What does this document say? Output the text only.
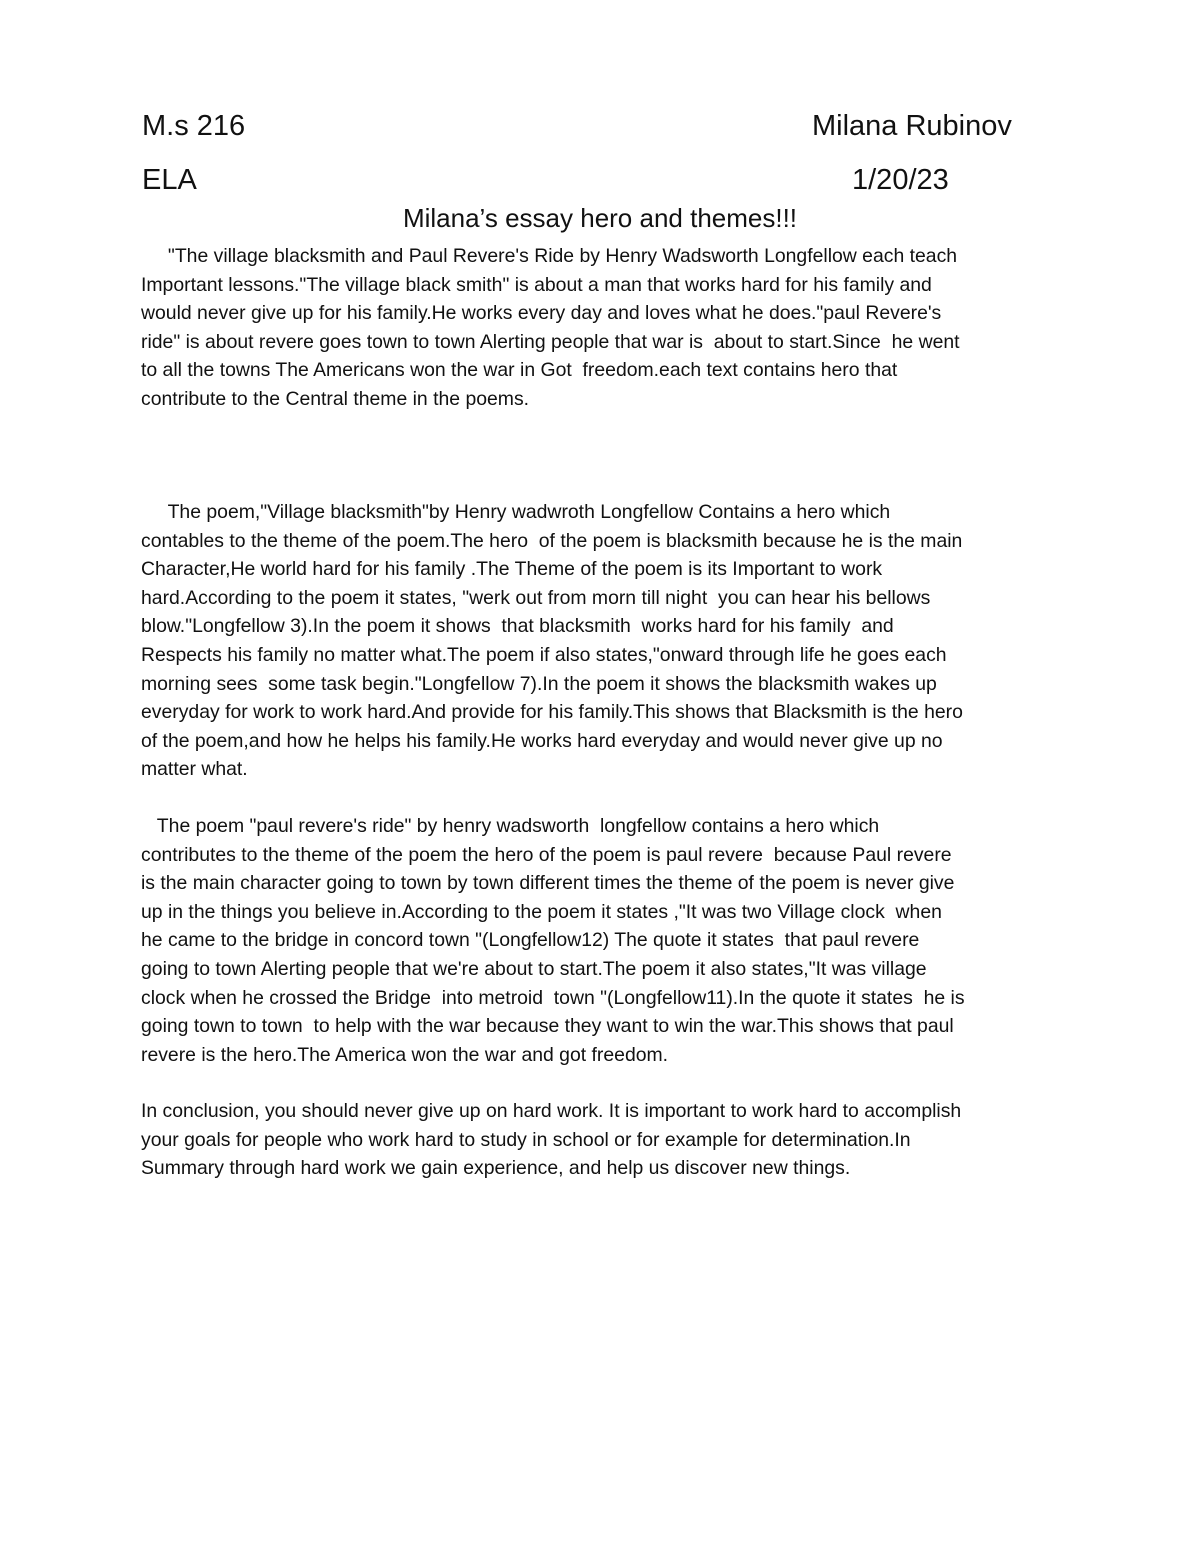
M.s 216	Milana Rubinov
ELA	1/20/23
Milana’s essay hero and themes!!!
"The village blacksmith and Paul Revere's Ride by Henry Wadsworth Longfellow each teach
Important lessons."The village black smith" is about a man that works hard for his family and
would never give up for his family.He works every day and loves what he does."paul Revere's
ride" is about revere goes town to town Alerting people that war is  about to start.Since  he went
to all the towns The Americans won the war in Got  freedom.each text contains hero that
contribute to the Central theme in the poems.
The poem,"Village blacksmith"by Henry wadwroth Longfellow Contains a hero which
contables to the theme of the poem.The hero  of the poem is blacksmith because he is the main
Character,He world hard for his family .The Theme of the poem is its Important to work
hard.According to the poem it states, "werk out from morn till night  you can hear his bellows
blow."Longfellow 3).In the poem it shows  that blacksmith  works hard for his family  and
Respects his family no matter what.The poem if also states,"onward through life he goes each
morning sees  some task begin."Longfellow 7).In the poem it shows the blacksmith wakes up
everyday for work to work hard.And provide for his family.This shows that Blacksmith is the hero
of the poem,and how he helps his family.He works hard everyday and would never give up no
matter what.
The poem "paul revere's ride" by henry wadsworth  longfellow contains a hero which
contributes to the theme of the poem the hero of the poem is paul revere  because Paul revere
is the main character going to town by town different times the theme of the poem is never give
up in the things you believe in.According to the poem it states ,"It was two Village clock  when
he came to the bridge in concord town "(Longfellow12) The quote it states  that paul revere
going to town Alerting people that we're about to start.The poem it also states,"It was village
clock when he crossed the Bridge  into metroid  town "(Longfellow11).In the quote it states  he is
going town to town  to help with the war because they want to win the war.This shows that paul
revere is the hero.The America won the war and got freedom.
In conclusion, you should never give up on hard work. It is important to work hard to accomplish
your goals for people who work hard to study in school or for example for determination.In
Summary through hard work we gain experience, and help us discover new things.
